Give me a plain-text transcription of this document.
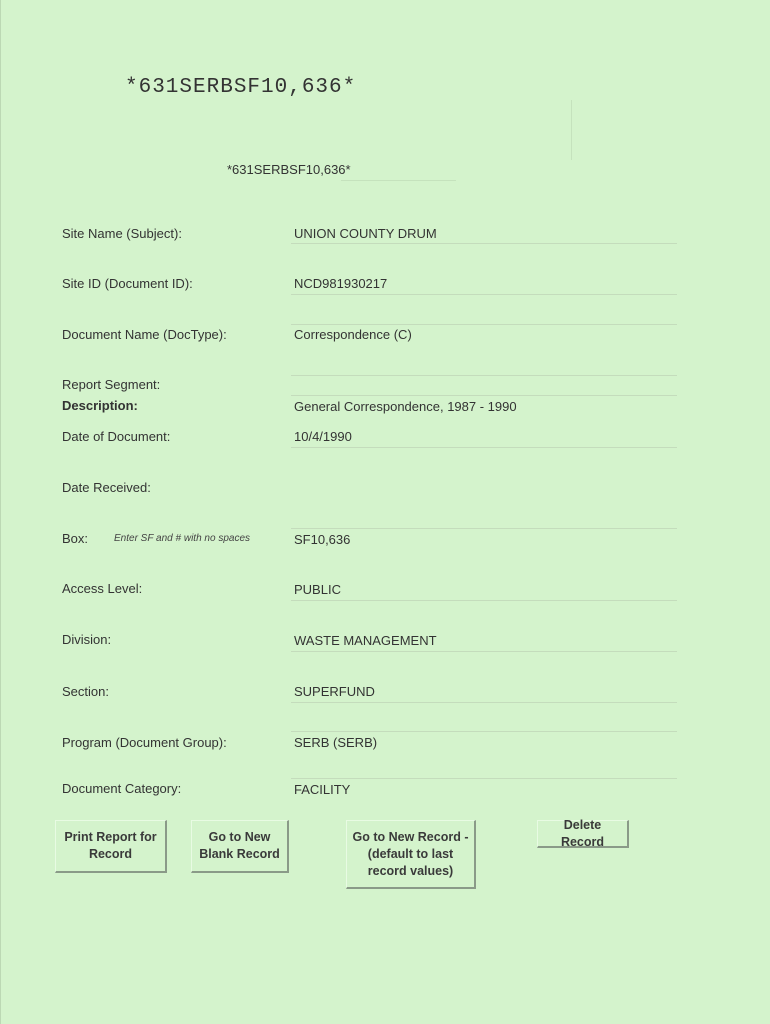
*631SERBSF10,636*
*631SERBSF10,636*
Site Name (Subject):	UNION COUNTY DRUM
Site ID (Document ID):	NCD981930217
Document Name (DocType):	Correspondence (C)
Report Segment:
Description:	General Correspondence, 1987 - 1990
Date of Document:	10/4/1990
Date Received:
Box:	Enter SF and # with no spaces	SF10,636
Access Level:	PUBLIC
Division:	WASTE MANAGEMENT
Section:	SUPERFUND
Program (Document Group):	SERB (SERB)
Document Category:	FACILITY
Print Report for Record
Go to New Blank Record
Go to New Record - (default to last record values)
Delete Record
